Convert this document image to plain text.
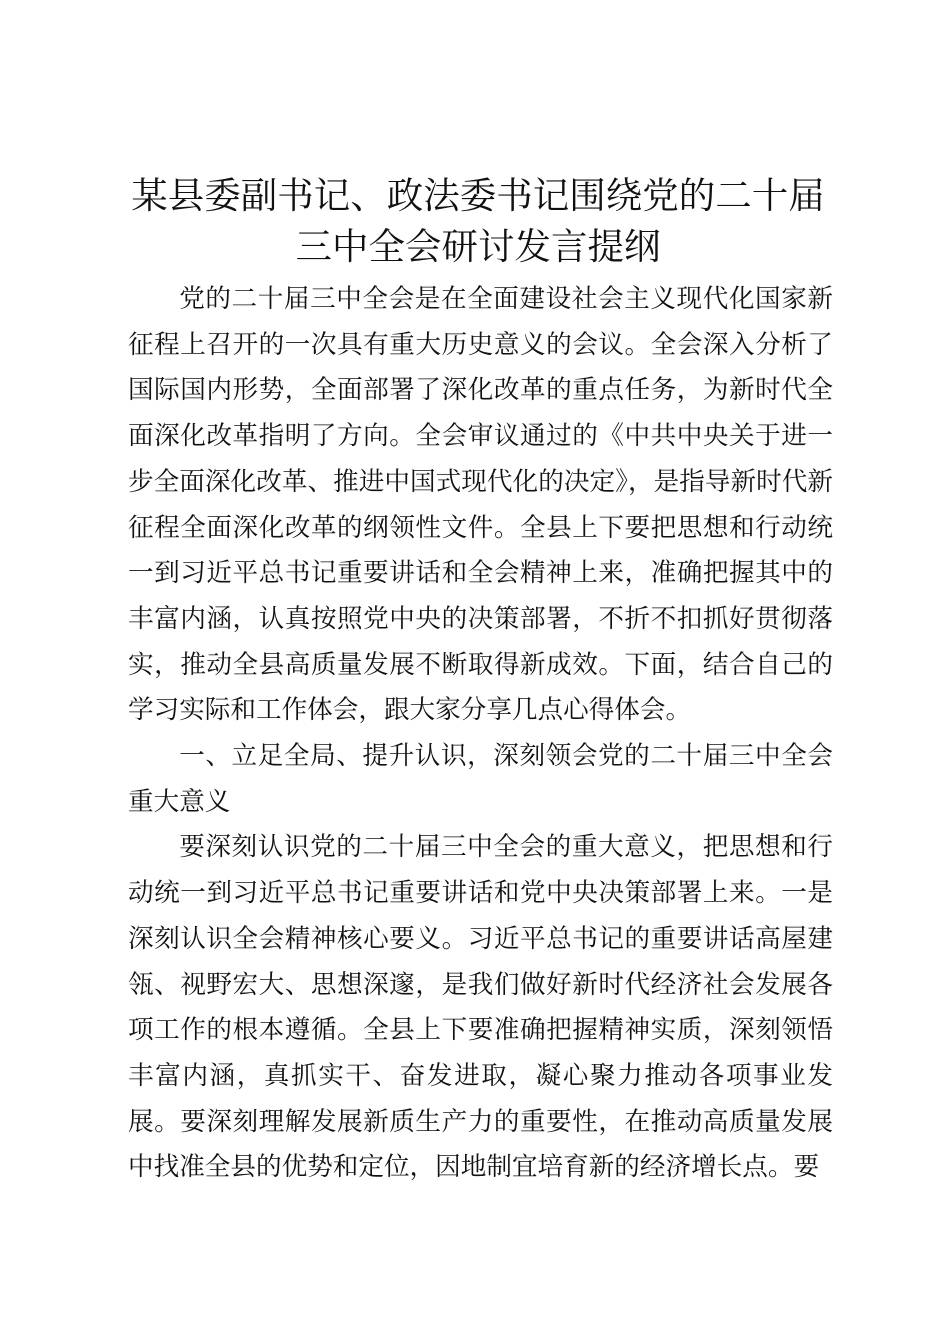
某县委副书记、政法委书记围绕党的二十届三中全会研讨发言提纲

党的二十届三中全会是在全面建设社会主义现代化国家新征程上召开的一次具有重大历史意义的会议。全会深入分析了国际国内形势，全面部署了深化改革的重点任务，为新时代全面深化改革指明了方向。全会审议通过的《中共中央关于进一步全面深化改革、推进中国式现代化的决定》，是指导新时代新征程全面深化改革的纲领性文件。全县上下要把思想和行动统一到习近平总书记重要讲话和全会精神上来，准确把握其中的丰富内涵，认真按照党中央的决策部署，不折不扣抓好贯彻落实，推动全县高质量发展不断取得新成效。下面，结合自己的学习实际和工作体会，跟大家分享几点心得体会。

一、立足全局、提升认识，深刻领会党的二十届三中全会重大意义

要深刻认识党的二十届三中全会的重大意义，把思想和行动统一到习近平总书记重要讲话和党中央决策部署上来。一是深刻认识全会精神核心要义。习近平总书记的重要讲话高屋建瓴、视野宏大、思想深邃，是我们做好新时代经济社会发展各项工作的根本遵循。全县上下要准确把握精神实质，深刻领悟丰富内涵，真抓实干、奋发进取，凝心聚力推动各项事业发展。要深刻理解发展新质生产力的重要性，在推动高质量发展中找准全县的优势和定位，因地制宜培育新的经济增长点。要
